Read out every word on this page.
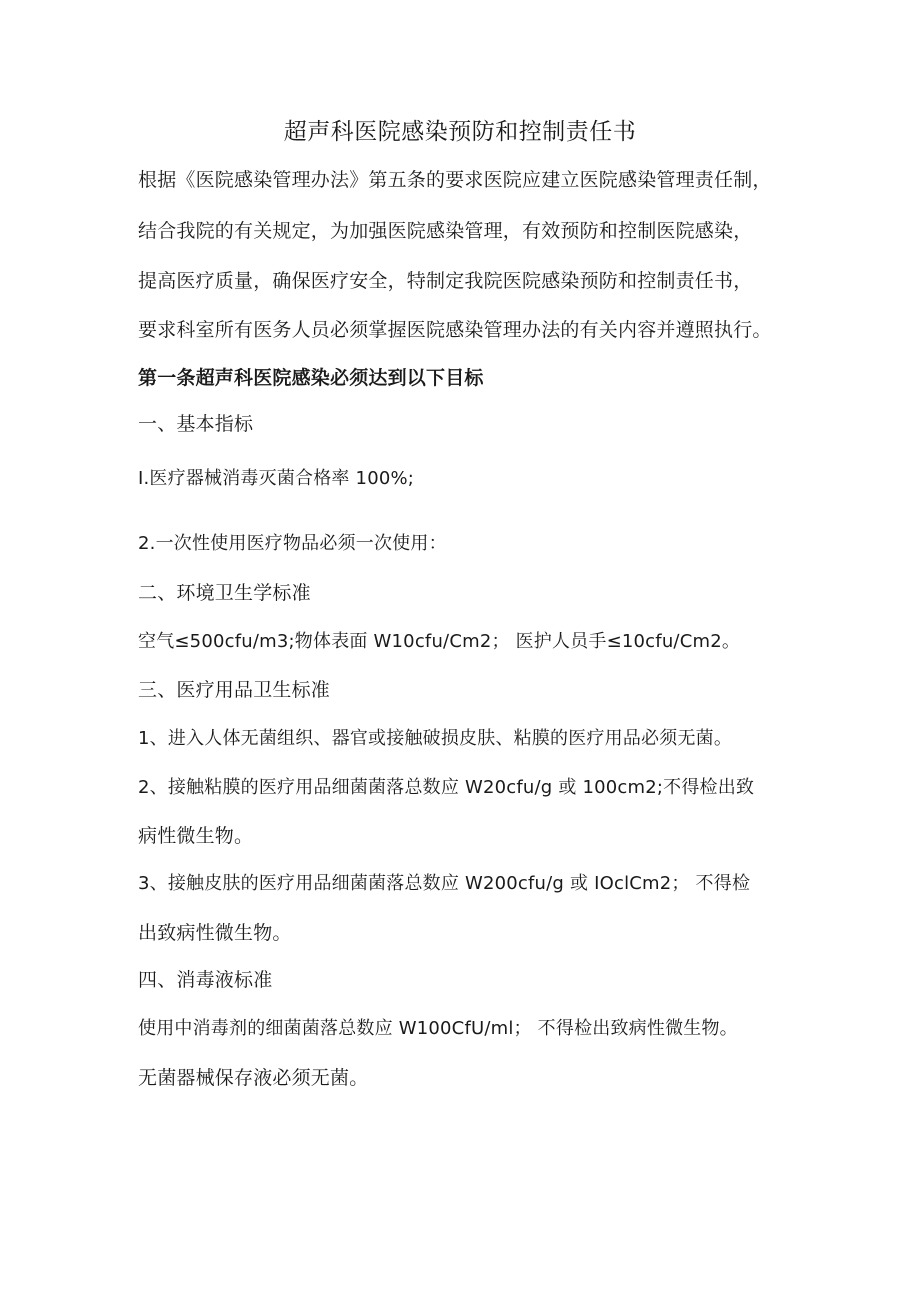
超声科医院感染预防和控制责任书
根据《医院感染管理办法》第五条的要求医院应建立医院感染管理责任制，
结合我院的有关规定，为加强医院感染管理，有效预防和控制医院感染，
提高医疗质量，确保医疗安全，特制定我院医院感染预防和控制责任书，
要求科室所有医务人员必须掌握医院感染管理办法的有关内容并遵照执行。
第一条超声科医院感染必须达到以下目标
一、基本指标
I.医疗器械消毒灭菌合格率 100%;
2.一次性使用医疗物品必须一次使用：
二、环境卫生学标准
空气≤500cfu∕m3;物体表面 W10cfu∕Cm2； 医护人员手≤10cfu∕Cm2。
三、医疗用品卫生标准
1、进入人体无菌组织、器官或接触破损皮肤、粘膜的医疗用品必须无菌。
2、接触粘膜的医疗用品细菌菌落总数应 W20cfu/g 或 100cm2;不得检出致
病性微生物。
3、接触皮肤的医疗用品细菌菌落总数应 W200cfu/g 或 IOclCm2； 不得检
出致病性微生物。
四、消毒液标准
使用中消毒剂的细菌菌落总数应 W100CfU/ml； 不得检出致病性微生物。
无菌器械保存液必须无菌。
